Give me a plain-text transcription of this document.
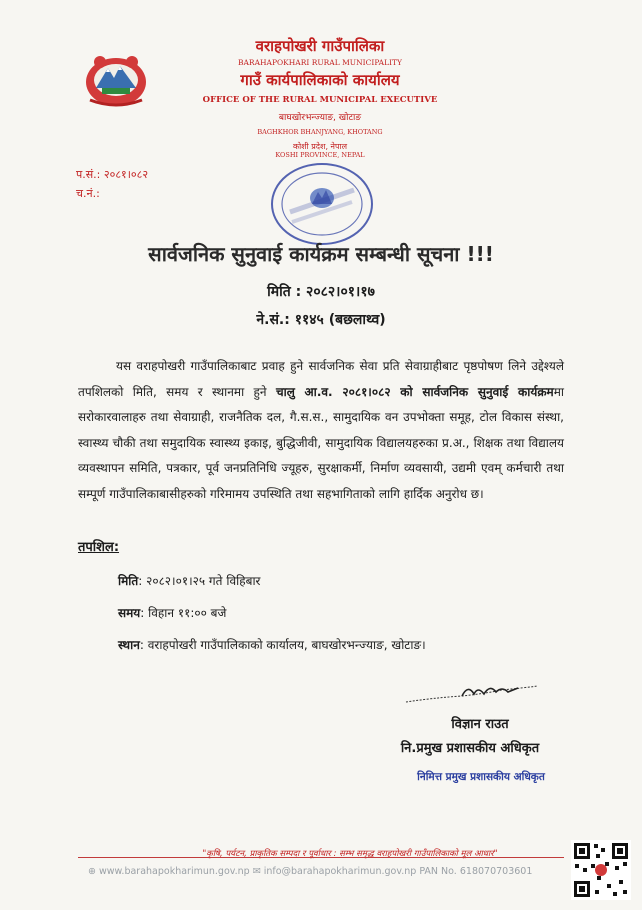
वराहपोखरी गाउँपालिका
BARAHAPOKHARI RURAL MUNICIPALITY
गाउँ कार्यपालिकाको कार्यालय
OFFICE OF THE RURAL MUNICIPAL EXECUTIVE
बाघखोरभन्ज्याङ, खोटाङ
BAGHKHOR BHANJYANG, KHOTANG
कोशी प्रदेश, नेपाल
KOSHI PROVINCE, NEPAL
प.सं.: २०८१।०८२
च.नं.:
सार्वजनिक सुनुवाई कार्यक्रम सम्बन्धी सूचना !!!
मिति : २०८२।०१।१७
ने.सं.: ११४५ (बछलाथ्व)

यस वराहपोखरी गाउँपालिकाबाट प्रवाह हुने सार्वजनिक सेवा प्रति सेवाग्राहीबाट पृष्ठपोषण लिने उद्देश्यले तपशिलको मिति, समय र स्थानमा हुने चालु आ.व. २०८१।०८२ को सार्वजनिक सुनुवाई कार्यक्रममा सरोकारवालाहरु तथा सेवाग्राही, राजनैतिक दल, गै.स.स., सामुदायिक वन उपभोक्ता समूह, टोल विकास संस्था, स्वास्थ्य चौकी तथा समुदायिक स्वास्थ्य इकाइ, बुद्धिजीवी, सामुदायिक विद्यालयहरुका प्र.अ., शिक्षक तथा विद्यालय व्यवस्थापन समिति, पत्रकार, पूर्व जनप्रतिनिधि ज्यूहरु, सुरक्षाकर्मी, निर्माण व्यवसायी, उद्यमी एवम् कर्मचारी तथा सम्पूर्ण गाउँपालिकाबासीहरुको गरिमामय उपस्थिति तथा सहभागिताको लागि हार्दिक अनुरोध छ।

तपशिल:
मिति: २०८२।०१।२५ गते विहिबार
समय: विहान ११:०० बजे
स्थान: वराहपोखरी गाउँपालिकाको कार्यालय, बाघखोरभन्ज्याङ, खोटाङ।
विज्ञान राउत
नि.प्रमुख प्रशासकीय अधिकृत
निमित्त प्रमुख प्रशासकीय अधिकृत
"कृषि, पर्यटन, प्राकृतिक सम्पदा र पूर्वाधार : सम्भ समृद्ध वराहपोखरी गाउँपालिकाको मूल आधार"
⊕ www.barahapokharimun.gov.np ✉ info@barahapokharimun.gov.np PAN No. 618070703601
